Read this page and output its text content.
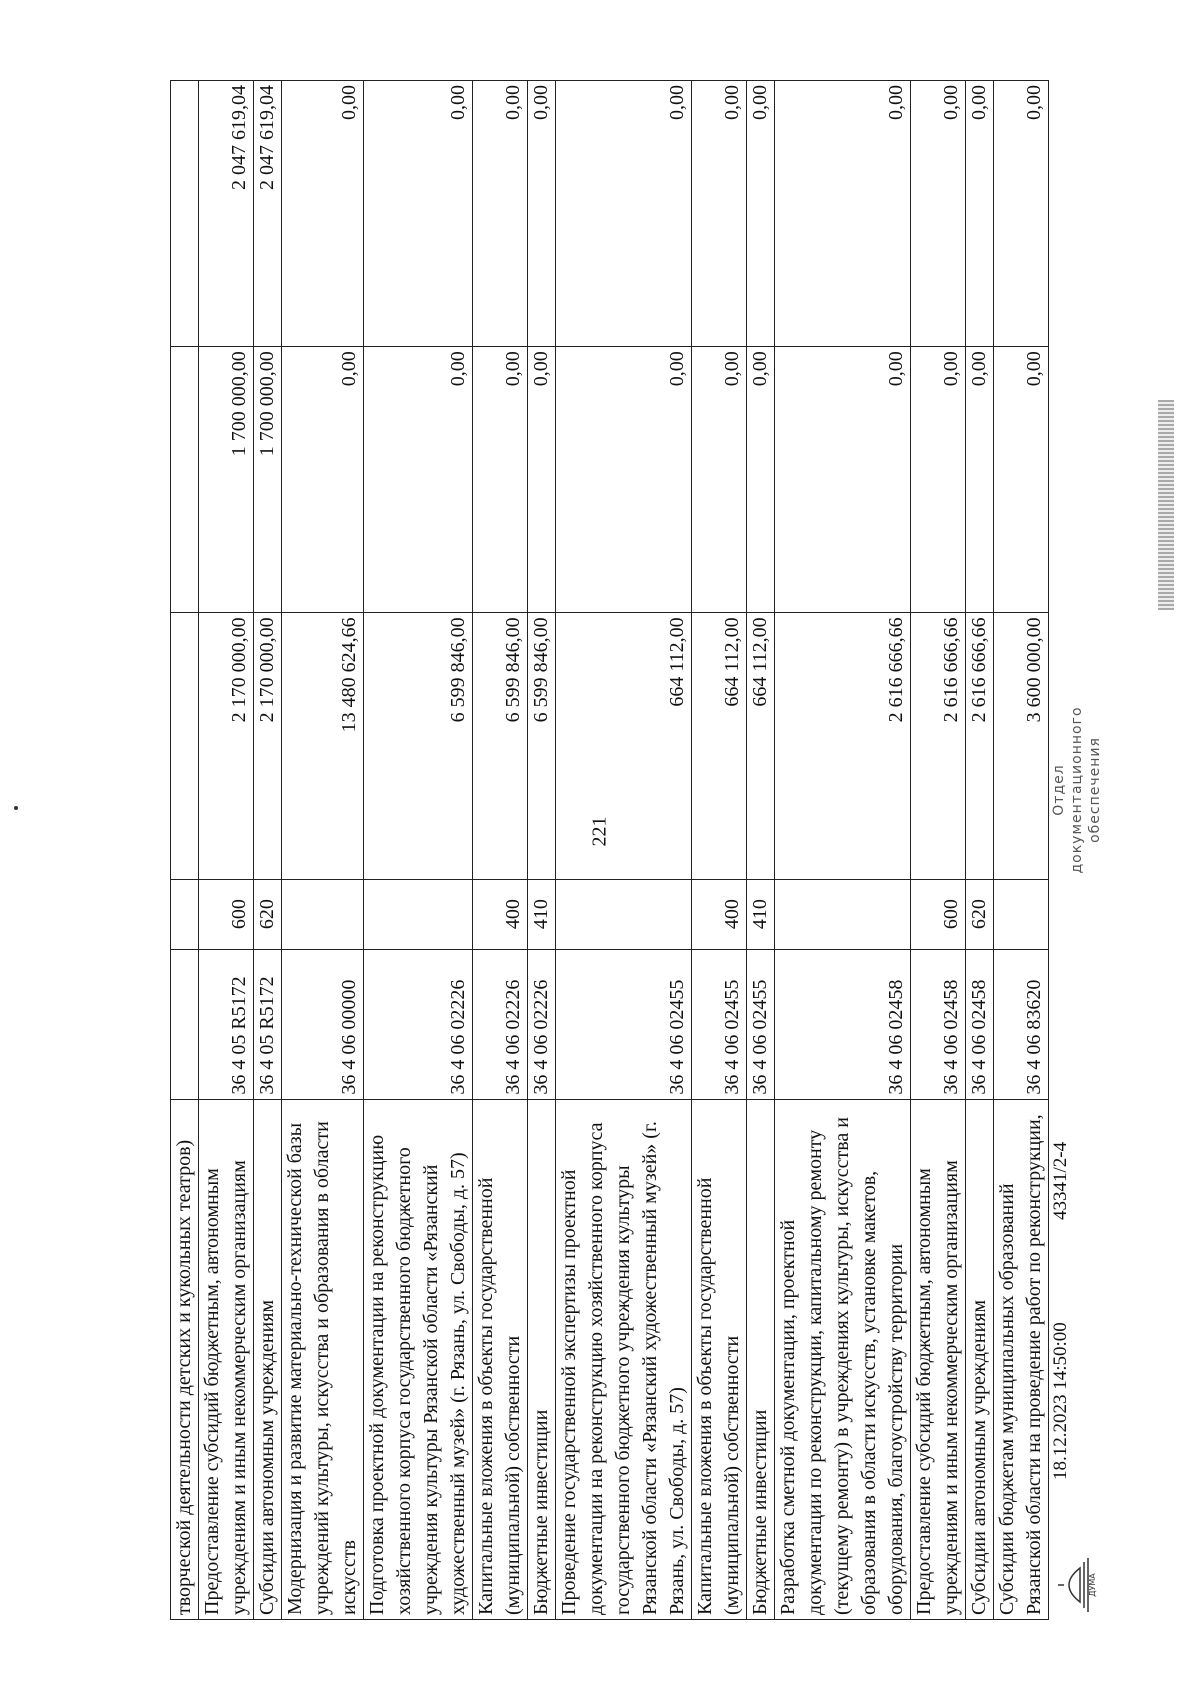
221
творческой деятельности детских и кукольных театров)					
Предоставление субсидий бюджетным, автономным учреждениям и иным некоммерческим организациям	36 4 05 R5172	600	2 170 000,00	1 700 000,00	2 047 619,04
Субсидии автономным учреждениям	36 4 05 R5172	620	2 170 000,00	1 700 000,00	2 047 619,04
Модернизация и развитие материально-технической базы учреждений культуры, искусства и образования в области искусств	36 4 06 00000		13 480 624,66	0,00	0,00
Подготовка проектной документации на реконструкцию хозяйственного корпуса государственного бюджетного учреждения культуры Рязанской области «Рязанский художественный музей» (г. Рязань, ул. Свободы, д. 57)	36 4 06 02226		6 599 846,00	0,00	0,00
Капитальные вложения в объекты государственной (муниципальной) собственности	36 4 06 02226	400	6 599 846,00	0,00	0,00
Бюджетные инвестиции	36 4 06 02226	410	6 599 846,00	0,00	0,00
Проведение государственной экспертизы проектной документации на реконструкцию хозяйственного корпуса государственного бюджетного учреждения культуры Рязанской области «Рязанский художественный музей» (г. Рязань, ул. Свободы, д. 57)	36 4 06 02455		664 112,00	0,00	0,00
Капитальные вложения в объекты государственной (муниципальной) собственности	36 4 06 02455	400	664 112,00	0,00	0,00
Бюджетные инвестиции	36 4 06 02455	410	664 112,00	0,00	0,00
Разработка сметной документации, проектной документации по реконструкции, капитальному ремонту (текущему ремонту) в учреждениях культуры, искусства и образования в области искусств, установке макетов, оборудования, благоустройству территории	36 4 06 02458		2 616 666,66	0,00	0,00
Предоставление субсидий бюджетным, автономным учреждениям и иным некоммерческим организациям	36 4 06 02458	600	2 616 666,66	0,00	0,00
Субсидии автономным учреждениям	36 4 06 02458	620	2 616 666,66	0,00	0,00
Субсидии бюджетам муниципальных образований Рязанской области на проведение работ по реконструкции,	36 4 06 83620		3 600 000,00	0,00	0,00
ДУМА
18.12.2023 14:50:00
43341/2-4
Отдел документационного обеспечения
